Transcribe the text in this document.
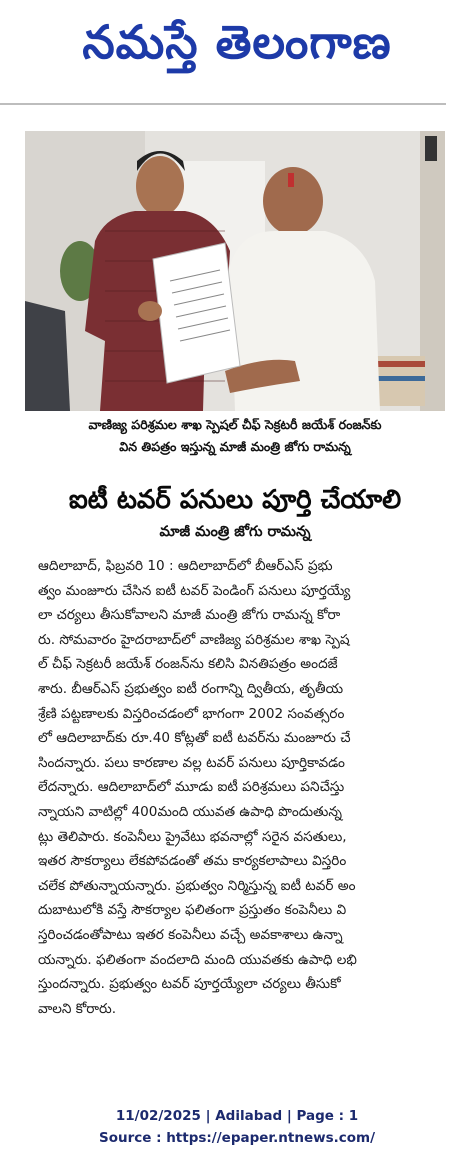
నమస్తే తెలంగాణ
వాణిజ్య పరిశ్రమల శాఖ స్పెషల్ చీఫ్ సెక్రటరీ జయేశ్ రంజన్‌కు
విన తిపత్రం ఇస్తున్న మాజీ మంత్రి జోగు రామన్న
ఐటీ టవర్ పనులు పూర్తి చేయాలి
మాజీ మంత్రి జోగు రామన్న
ఆదిలాబాద్, ఫిబ్రవరి 10 : ఆదిలాబాద్‌లో బీఆర్‌ఎస్ ప్రభు
త్వం మంజూరు చేసిన ఐటీ టవర్ పెండింగ్ పనులు పూర్తయ్యే
లా చర్యలు తీసుకోవాలని మాజీ మంత్రి జోగు రామన్న కోరా
రు. సోమవారం హైదరాబాద్‌లో వాణిజ్య పరిశ్రమల శాఖ స్పెష
ల్ చీఫ్ సెక్రటరీ జయేశ్ రంజన్‌ను కలిసి వినతిపత్రం అందజే
శారు. బీఆర్‌ఎస్ ప్రభుత్వం ఐటీ రంగాన్ని ద్వితీయ, తృతీయ
శ్రేణి పట్టణాలకు విస్తరించడంలో భాగంగా 2002 సంవత్సరం
లో ఆదిలాబాద్‌కు రూ.40 కోట్లతో ఐటీ టవర్‌ను మంజూరు చే
సిందన్నారు. పలు కారణాల వల్ల టవర్ పనులు పూర్తికావడం
లేదన్నారు. ఆదిలాబాద్‌లో మూడు ఐటీ పరిశ్రమలు పనిచేస్తు
న్నాయని వాటిల్లో 400మంది యువత ఉపాధి పొందుతున్న
ట్లు తెలిపారు. కంపెనీలు ప్రైవేటు భవనాల్లో సరైన వసతులు,
ఇతర సౌకర్యాలు లేకపోవడంతో తమ కార్యకలాపాలు విస్తరిం
చలేక పోతున్నాయన్నారు. ప్రభుత్వం నిర్మిస్తున్న ఐటీ టవర్ అం
దుబాటులోకి వస్తే సౌకర్యాల ఫలితంగా ప్రస్తుతం కంపెనీలు వి
స్తరించడంతోపాటు ఇతర కంపెనీలు వచ్చే అవకాశాలు ఉన్నా
యన్నారు. ఫలితంగా వందలాది మంది యువతకు ఉపాధి లభి
స్తుందన్నారు. ప్రభుత్వం టవర్ పూర్తయ్యేలా చర్యలు తీసుకో
వాలని కోరారు.
11/02/2025 | Adilabad | Page : 1
Source : https://epaper.ntnews.com/
